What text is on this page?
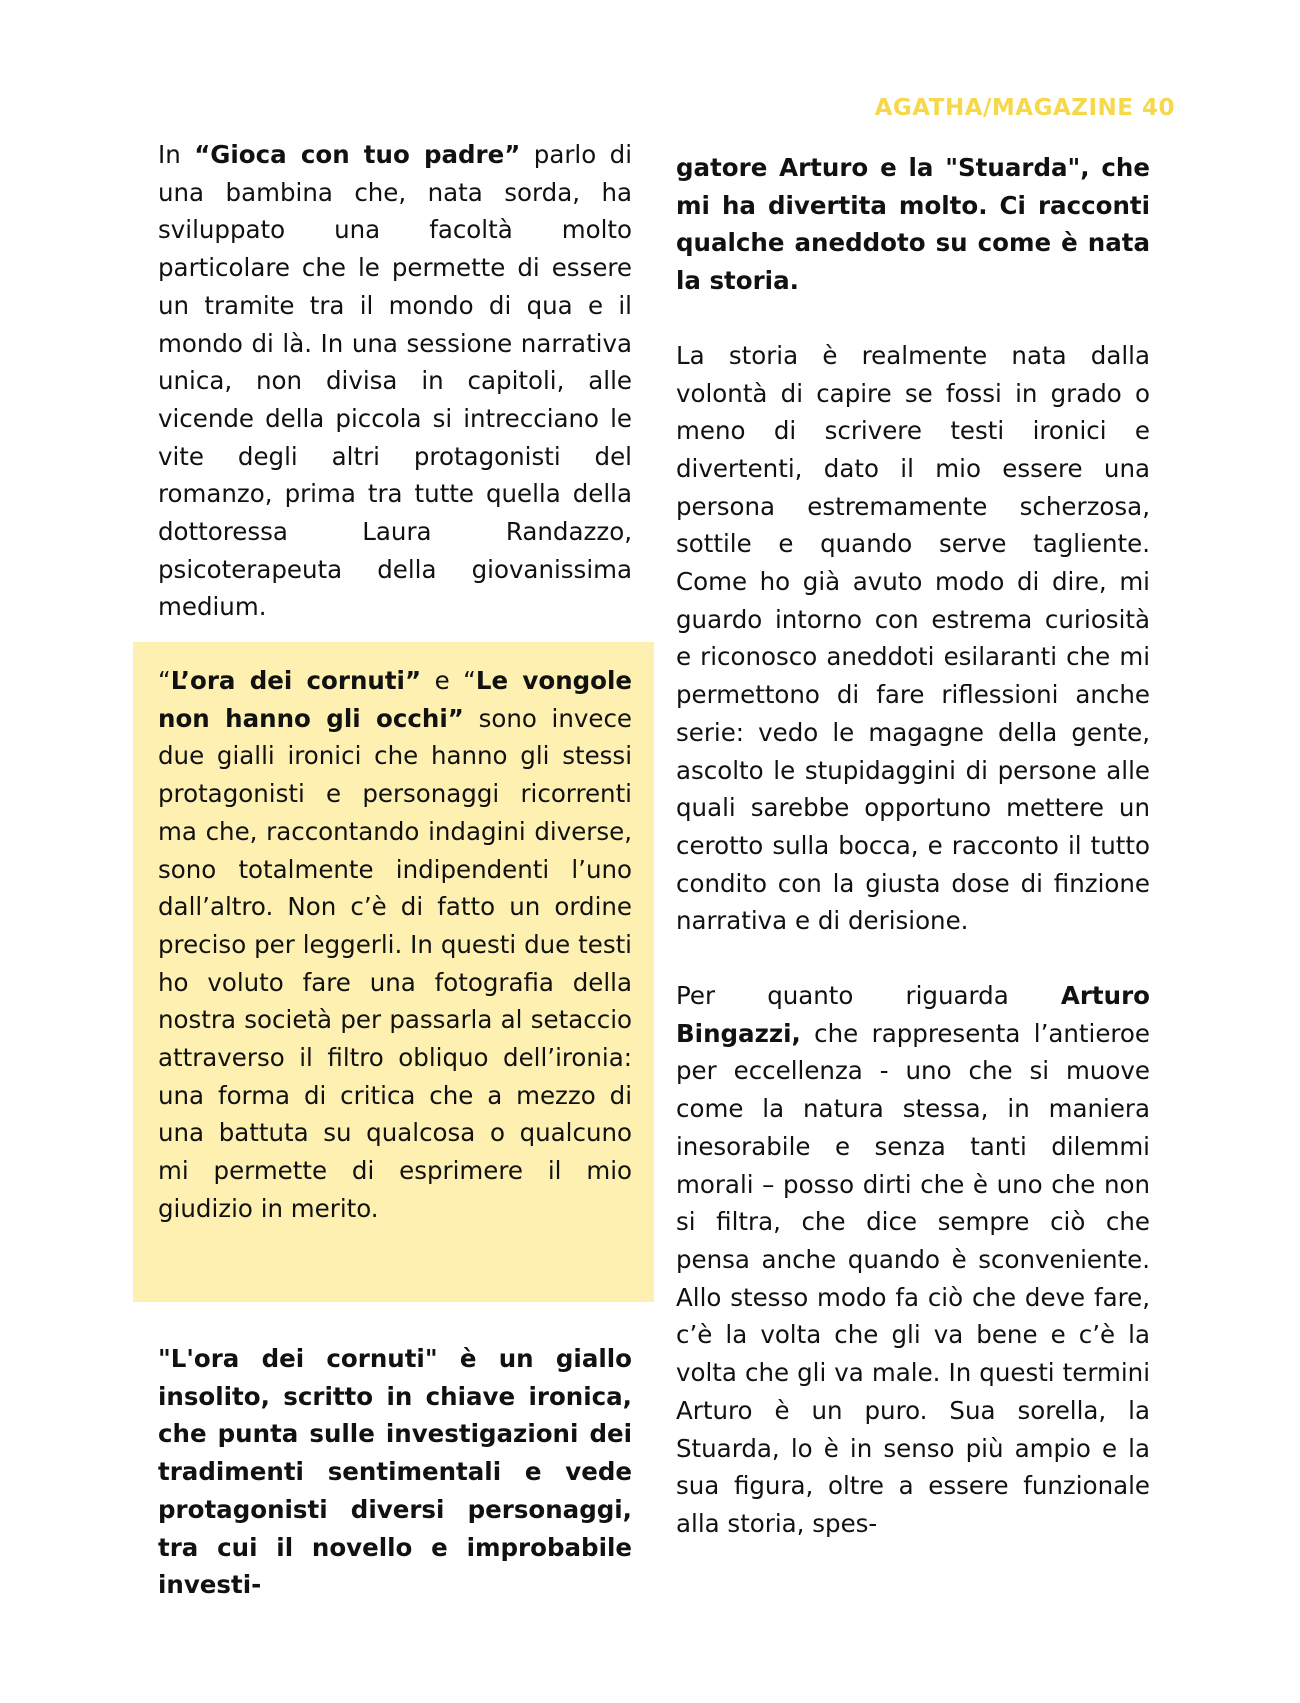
AGATHA/MAGAZINE 40

In “Gioca con tuo padre” parlo di una bambina che, nata sorda, ha sviluppato una facoltà molto particolare che le permette di essere un tramite tra il mondo di qua e il mondo di là. In una sessione narrativa unica, non divisa in capitoli, alle vicende della piccola si intrecciano le vite degli altri protagonisti del romanzo, prima tra tutte quella della dottoressa Laura Randazzo, psicoterapeuta della giovanissima medium.

“L’ora dei cornuti” e “Le vongole non hanno gli occhi” sono invece due gialli ironici che hanno gli stessi protagonisti e personaggi ricorrenti ma che, raccontando indagini diverse, sono totalmente indipendenti l’uno dall’altro. Non c’è di fatto un ordine preciso per leggerli. In questi due testi ho voluto fare una fotografia della nostra società per passarla al setaccio attraverso il filtro obliquo dell’ironia: una forma di critica che a mezzo di una battuta su qualcosa o qualcuno mi permette di esprimere il mio giudizio in merito.

"L'ora dei cornuti" è un giallo insolito, scritto in chiave ironica, che punta sulle investigazioni dei tradimenti sentimentali e vede protagonisti diversi personaggi, tra cui il novello e improbabile investi-

gatore Arturo e la "Stuarda", che mi ha divertita molto. Ci racconti qualche aneddoto su come è nata la storia.

La storia è realmente nata dalla volontà di capire se fossi in grado o meno di scrivere testi ironici e divertenti, dato il mio essere una persona estremamente scherzosa, sottile e quando serve tagliente. Come ho già avuto modo di dire, mi guardo intorno con estrema curiosità e riconosco aneddoti esilaranti che mi permettono di fare riflessioni anche serie: vedo le magagne della gente, ascolto le stupidaggini di persone alle quali sarebbe opportuno mettere un cerotto sulla bocca, e racconto il tutto condito con la giusta dose di finzione narrativa e di derisione.

Per quanto riguarda Arturo Bingazzi, che rappresenta l’antieroe per eccellenza - uno che si muove come la natura stessa, in maniera inesorabile e senza tanti dilemmi morali – posso dirti che è uno che non si filtra, che dice sempre ciò che pensa anche quando è sconveniente. Allo stesso modo fa ciò che deve fare, c’è la volta che gli va bene e c’è la volta che gli va male. In questi termini Arturo è un puro. Sua sorella, la Stuarda, lo è in senso più ampio e la sua figura, oltre a essere funzionale alla storia, spes-
